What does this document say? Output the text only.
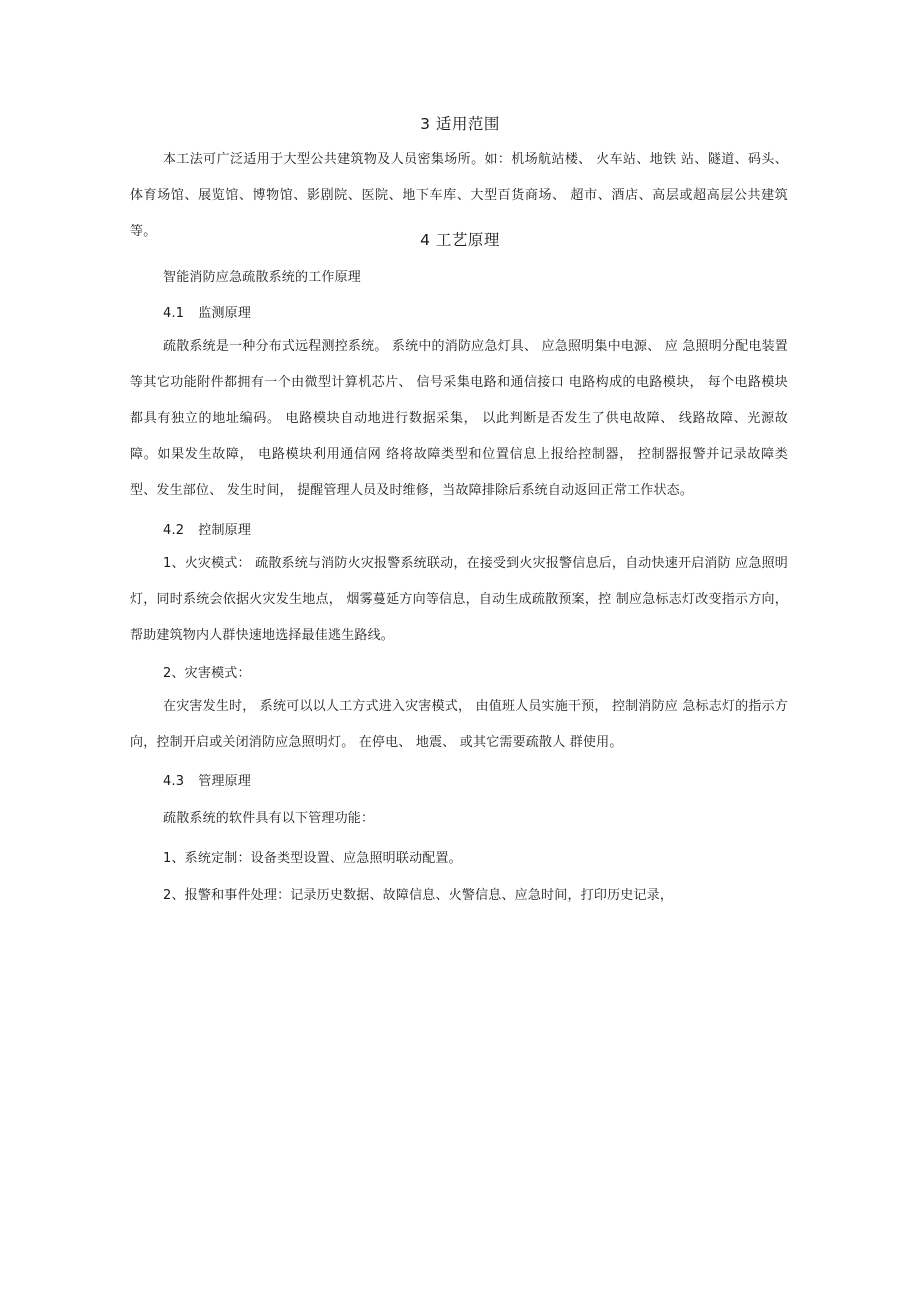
3 适用范围
本工法可广泛适用于大型公共建筑物及人员密集场所。如：机场航站楼、 火车站、地铁 站、隧道、码头、体育场馆、展览馆、博物馆、影剧院、医院、地下车库、大型百货商场、 超市、酒店、高层或超高层公共建筑等。	4 工艺原理
智能消防应急疏散系统的工作原理
4.1 监测原理
疏散系统是一种分布式远程测控系统。 系统中的消防应急灯具、 应急照明集中电源、 应 急照明分配电装置等其它功能附件都拥有一个由微型计算机芯片、 信号采集电路和通信接口 电路构成的电路模块， 每个电路模块都具有独立的地址编码。 电路模块自动地进行数据采集， 以此判断是否发生了供电故障、 线路故障、光源故障。如果发生故障， 电路模块利用通信网 络将故障类型和位置信息上报给控制器， 控制器报警并记录故障类型、发生部位、 发生时间， 提醒管理人员及时维修，当故障排除后系统自动返回正常工作状态。
4.2 控制原理
1、火灾模式： 疏散系统与消防火灾报警系统联动，在接受到火灾报警信息后，自动快速开启消防 应急照明灯，同时系统会依据火灾发生地点， 烟雾蔓延方向等信息，自动生成疏散预案，控 制应急标志灯改变指示方向，帮助建筑物内人群快速地选择最佳逃生路线。
2、灾害模式：
在灾害发生时， 系统可以以人工方式进入灾害模式， 由值班人员实施干预， 控制消防应 急标志灯的指示方向，控制开启或关闭消防应急照明灯。 在停电、 地震、 或其它需要疏散人 群使用。
4.3 管理原理
疏散系统的软件具有以下管理功能：
1、系统定制：设备类型设置、应急照明联动配置。
2、报警和事件处理：记录历史数据、故障信息、火警信息、应急时间，打印历史记录，
